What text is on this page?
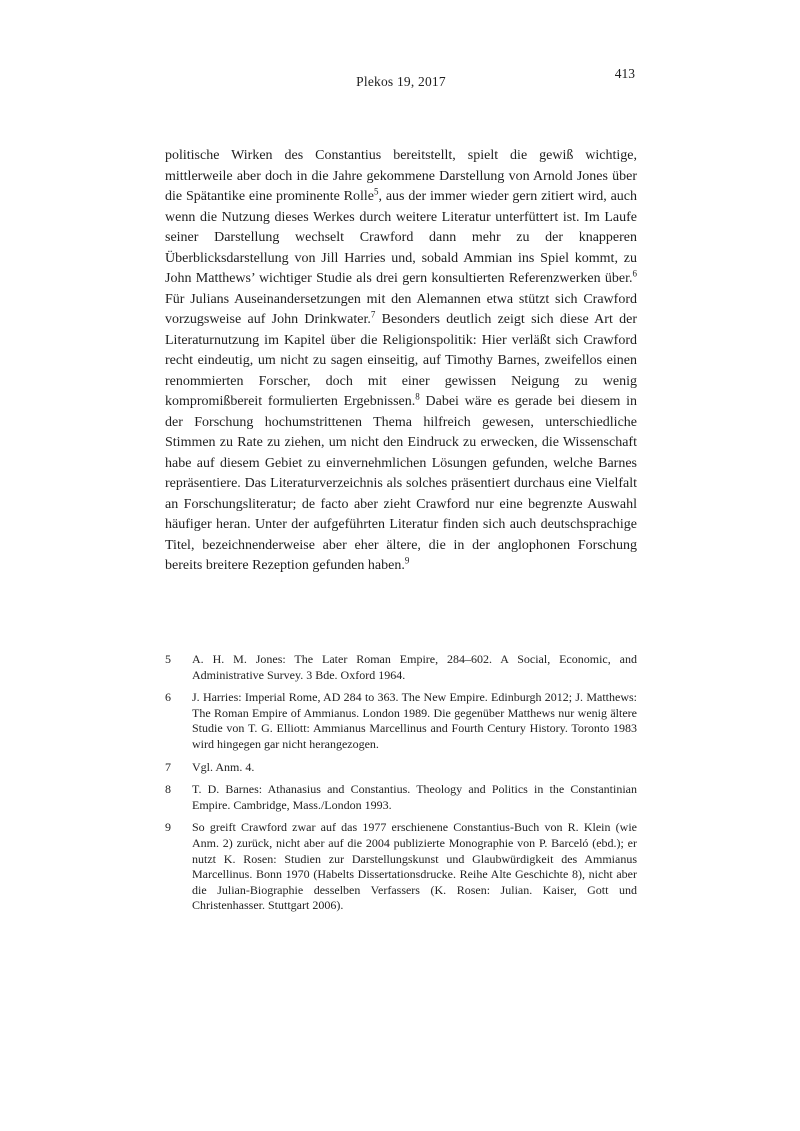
Plekos 19, 2017
413

politische Wirken des Constantius bereitstellt, spielt die gewiß wichtige, mittlerweile aber doch in die Jahre gekommene Darstellung von Arnold Jones über die Spätantike eine prominente Rolle$^5$, aus der immer wieder gern zitiert wird, auch wenn die Nutzung dieses Werkes durch weitere Literatur unterfüttert ist. Im Laufe seiner Darstellung wechselt Crawford dann mehr zu der knapperen Überblicksdarstellung von Jill Harries und, sobald Ammian ins Spiel kommt, zu John Matthews’ wichtiger Studie als drei gern konsultierten Referenzwerken über.$^6$ Für Julians Auseinandersetzungen mit den Alemannen etwa stützt sich Crawford vorzugsweise auf John Drinkwater.$^7$ Besonders deutlich zeigt sich diese Art der Literaturnutzung im Kapitel über die Religionspolitik: Hier verläßt sich Crawford recht eindeutig, um nicht zu sagen einseitig, auf Timothy Barnes, zweifellos einen renommierten Forscher, doch mit einer gewissen Neigung zu wenig kompromißbereit formulierten Ergebnissen.$^8$ Dabei wäre es gerade bei diesem in der Forschung hochumstrittenen Thema hilfreich gewesen, unterschiedliche Stimmen zu Rate zu ziehen, um nicht den Eindruck zu erwecken, die Wissenschaft habe auf diesem Gebiet zu einvernehmlichen Lösungen gefunden, welche Barnes repräsentiere. Das Literaturverzeichnis als solches präsentiert durchaus eine Vielfalt an Forschungsliteratur; de facto aber zieht Crawford nur eine begrenzte Auswahl häufiger heran. Unter der aufgeführten Literatur finden sich auch deutschsprachige Titel, bezeichnenderweise aber eher ältere, die in der anglophonen Forschung bereits breitere Rezeption gefunden haben.$^9$

5	A. H. M. Jones: The Later Roman Empire, 284–602. A Social, Economic, and Administrative Survey. 3 Bde. Oxford 1964.
6	J. Harries: Imperial Rome, AD 284 to 363. The New Empire. Edinburgh 2012; J. Matthews: The Roman Empire of Ammianus. London 1989. Die gegenüber Matthews nur wenig ältere Studie von T. G. Elliott: Ammianus Marcellinus and Fourth Century History. Toronto 1983 wird hingegen gar nicht herangezogen.
7	Vgl. Anm. 4.
8	T. D. Barnes: Athanasius and Constantius. Theology and Politics in the Constantinian Empire. Cambridge, Mass./London 1993.
9	So greift Crawford zwar auf das 1977 erschienene Constantius-Buch von R. Klein (wie Anm. 2) zurück, nicht aber auf die 2004 publizierte Monographie von P. Barceló (ebd.); er nutzt K. Rosen: Studien zur Darstellungskunst und Glaubwürdigkeit des Ammianus Marcellinus. Bonn 1970 (Habelts Dissertationsdrucke. Reihe Alte Geschichte 8), nicht aber die Julian-Biographie desselben Verfassers (K. Rosen: Julian. Kaiser, Gott und Christenhasser. Stuttgart 2006).
